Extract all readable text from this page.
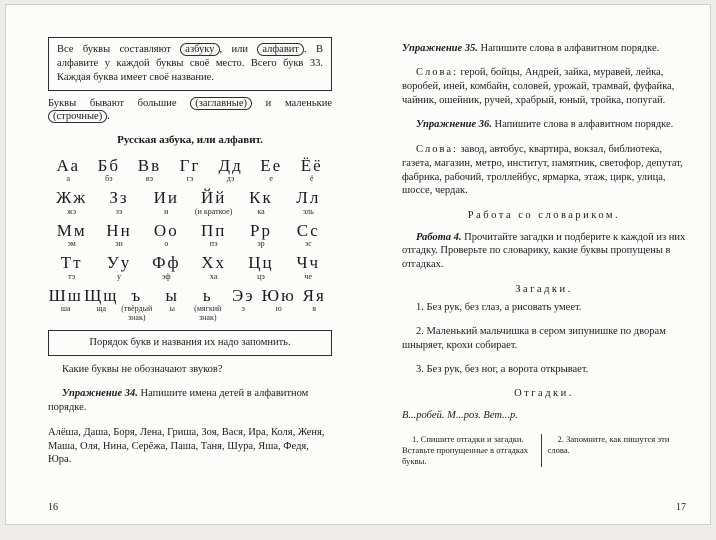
Все буквы составляют азбуку , или алфавит . В алфавите у каждой буквы своё место. Всего букв 33. Каждая буква имеет своё название.
Буквы бывают большие (заглавные) и маленькие (строчные) .
Русская азбука, или алфавит.
Аа
а
Бб
бэ
Вв
вэ
Гг
гэ
Дд
дэ
Ее
е
Ёё
ё
Жж
жэ
Зз
зэ
Ии
и
Йй
(и краткое)
Кк
ка
Лл
эль
Мм
эм
Нн
эн
Оо
о
Пп
пэ
Рр
эр
Сс
эс
Тт
тэ
Уу
у
Фф
эф
Хх
ха
Цц
цэ
Чч
че
Шш
ша
Щщ
ща
ъ
(твёрдый знак)
ы
ы
ь
(мягкий знак)
Ээ
э
Юю
ю
Яя
я
Порядок букв и названия их надо запомнить.

Какие буквы не обозначают звуков?

Упражнение 34. Напишите имена детей в алфавитном порядке.

Алёша, Даша, Боря, Лена, Гриша, Зоя, Вася, Ира, Коля, Женя, Маша, Оля, Нина, Серёжа, Паша, Таня, Шура, Яша, Федя, Юра.

16

Упражнение 35. Напишите слова в алфавитном порядке.

Слова: герой, бойцы, Андрей, зайка, муравей, лейка, воробей, иней, комбайн, соловей, урожай, трамвай, фуфайка, чайник, ошейник, ручей, храбрый, юный, тройка, попугай.

Упражнение 36. Напишите слова в алфавитном порядке.

Слова: завод, автобус, квартира, вокзал, библиотека, газета, магазин, метро, институт, памятник, светофор, депутат, фабрика, рабочий, троллейбус, ярмарка, этаж, цирк, улица, шоссе, чердак.

Работа со словариком.

Работа 4. Прочитайте загадки и подберите к каждой из них отгадку. Проверьте по словарику, какие буквы пропущены в отгадках.

Загадки.

1. Без рук, без глаз, а рисовать умеет.

2. Маленький мальчишка в сером зипунишке по дворам шныряет, крохи собирает.

3. Без рук, без ног, а ворота открывает.

Отгадки.

В...робей. М...роз. Вет...р.

1. Спишите отгадки и загадки. Вставьте пропущенные в отгадках буквы.
2. Запомните, как пишутся эти слова.
17
